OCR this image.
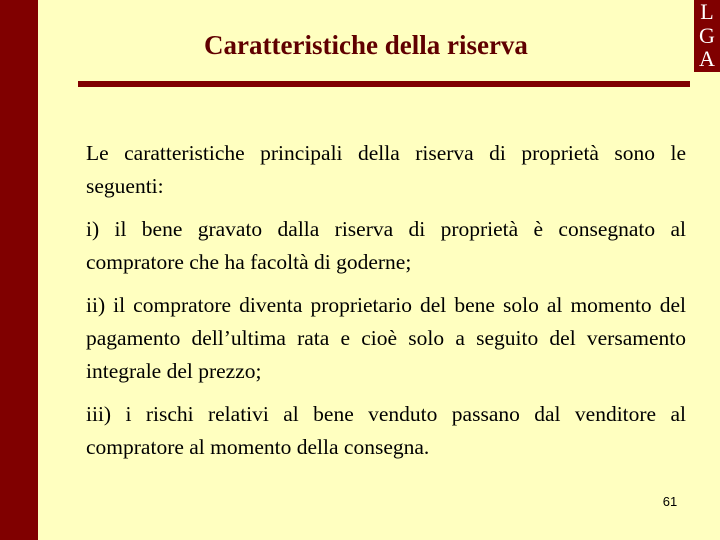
L
G
A
Caratteristiche della riserva

Le caratteristiche principali della riserva di proprietà sono le seguenti:

i) il bene gravato dalla riserva di proprietà è consegnato al compratore che ha facoltà di goderne;

ii) il compratore diventa proprietario del bene solo al momento del pagamento dell’ultima rata e cioè solo a seguito del versamento integrale del prezzo;

iii) i rischi relativi al bene venduto passano dal venditore al compratore al momento della consegna.

61
